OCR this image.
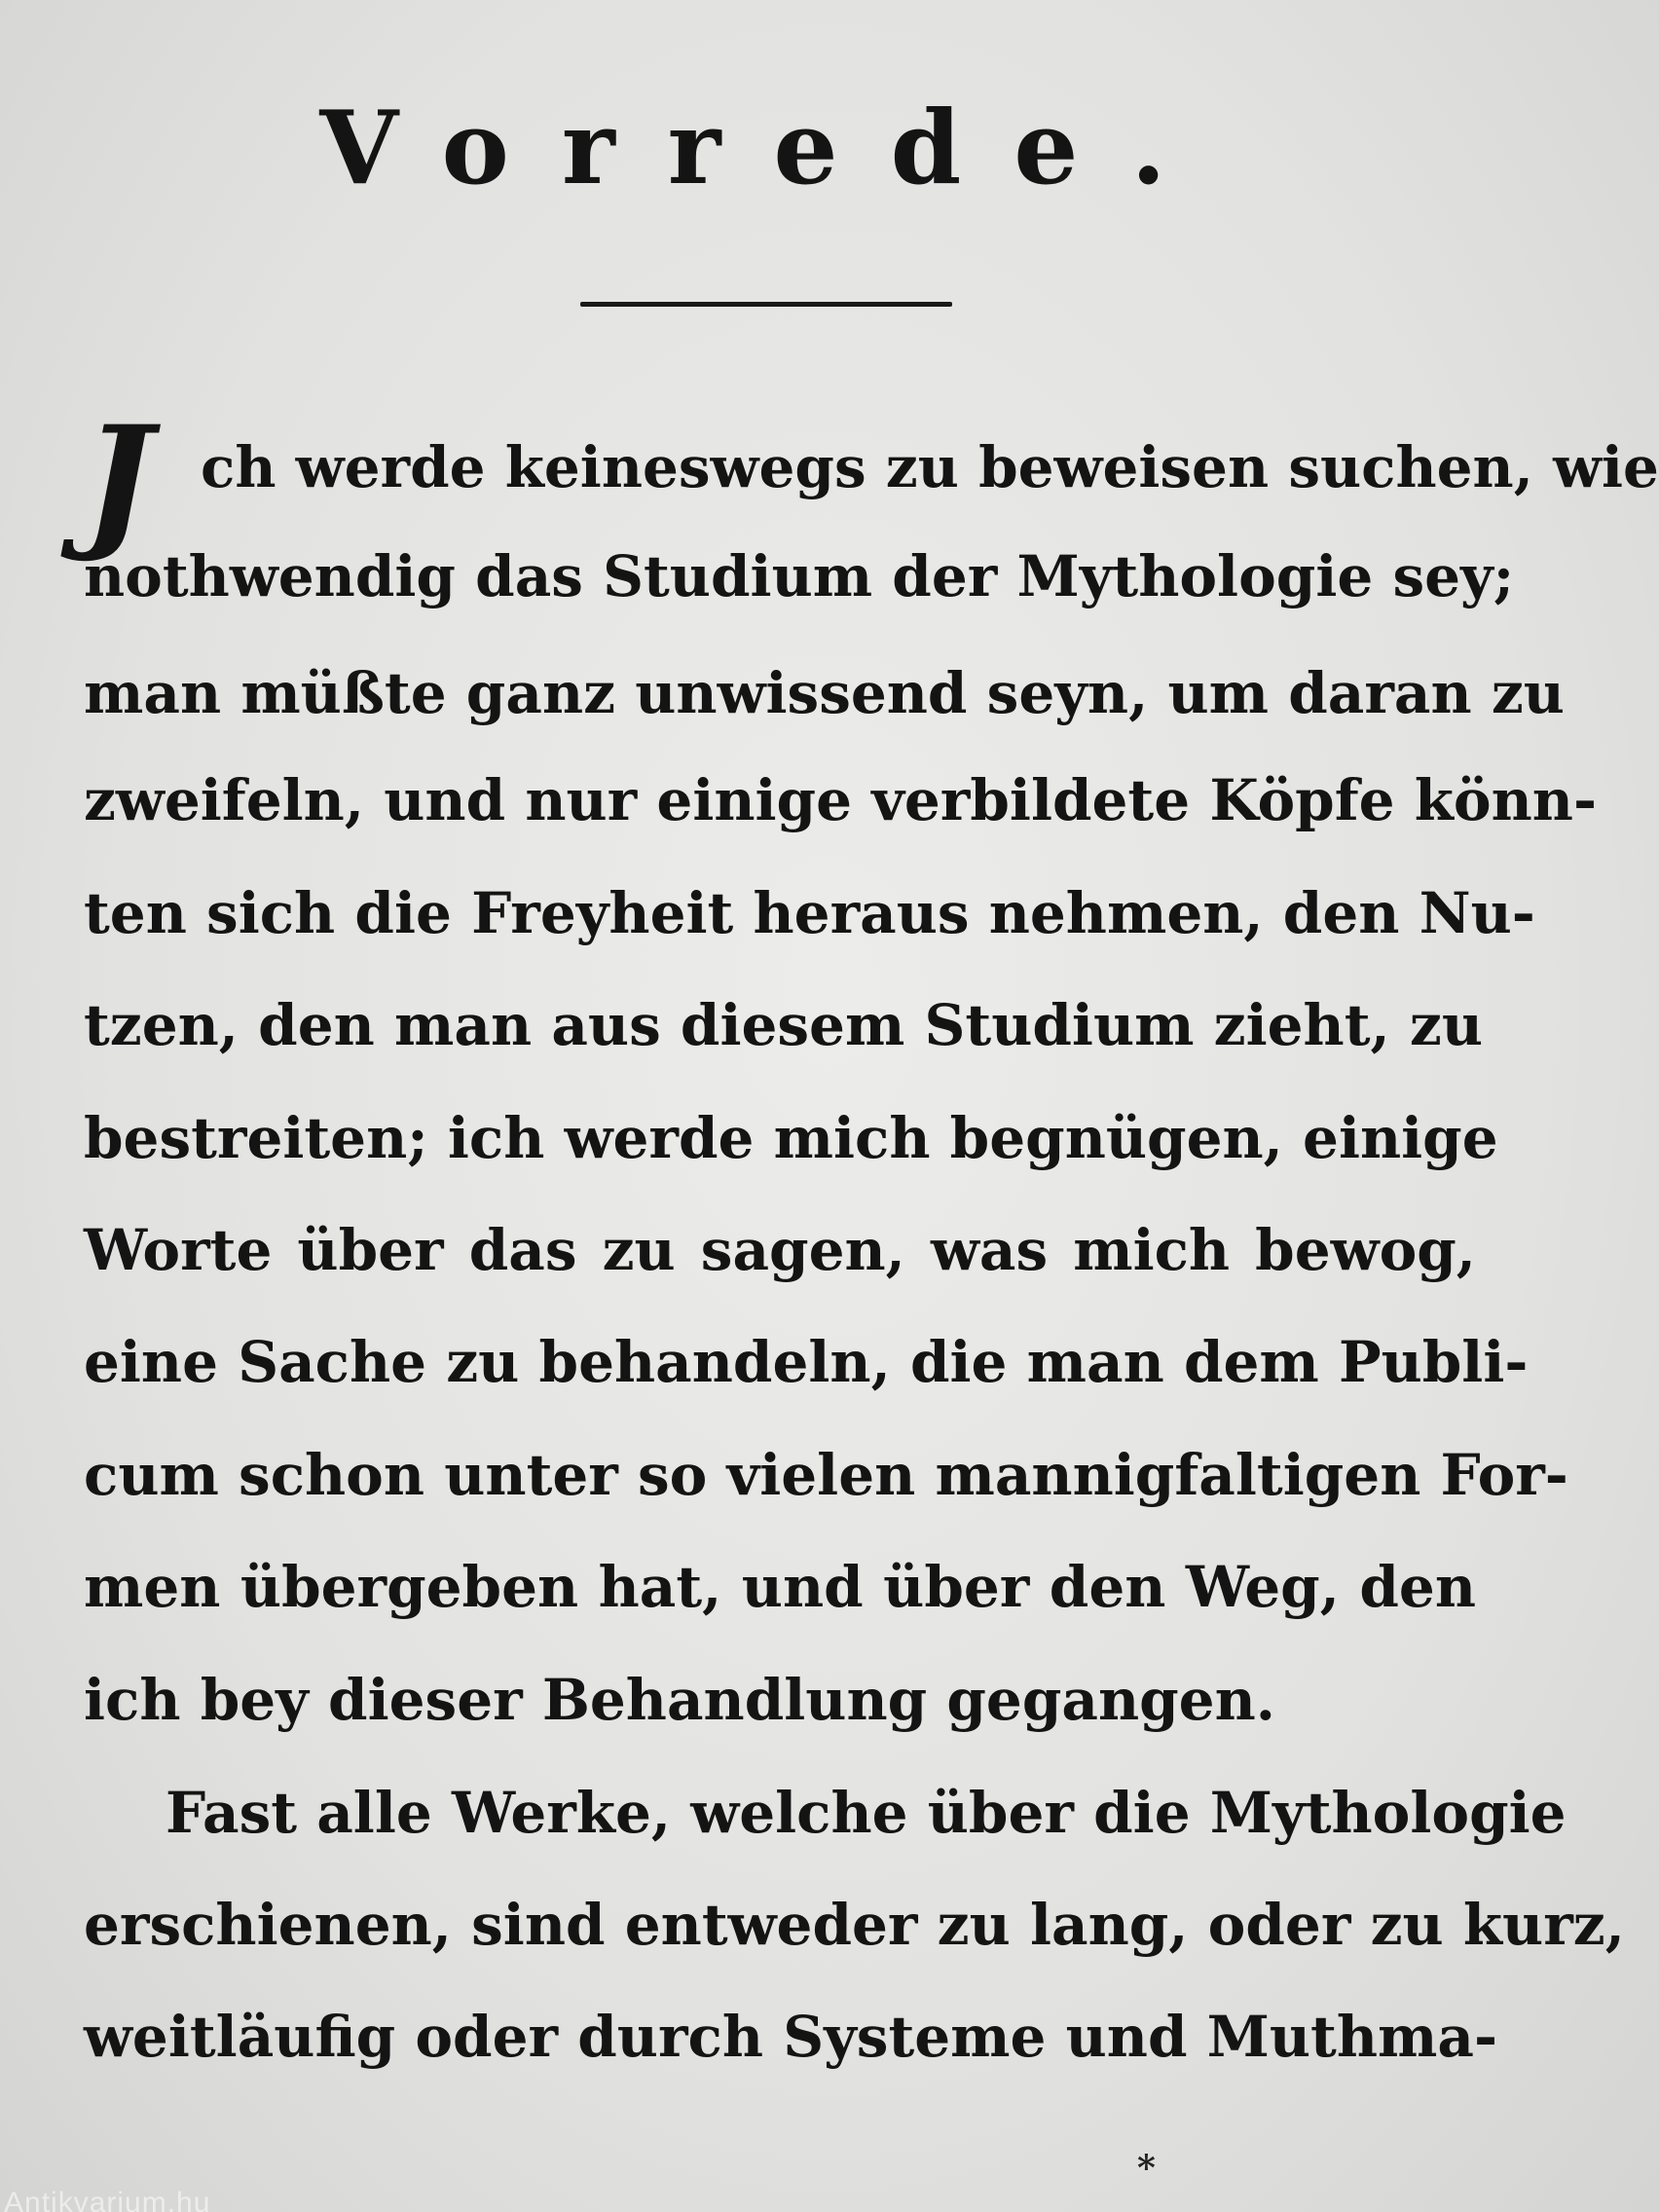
Vorrede.
J ch werde keineswegs zu beweisen suchen, wie
nothwendig das Studium der Mythologie sey;
man müßte ganz unwissend seyn, um daran zu
zweifeln, und nur einige verbildete Köpfe könn-
ten sich die Freyheit heraus nehmen, den Nu-
tzen, den man aus diesem Studium zieht, zu
bestreiten; ich werde mich begnügen, einige
Worte über das zu sagen, was mich bewog,
eine Sache zu behandeln, die man dem Publi-
cum schon unter so vielen mannigfaltigen For-
men übergeben hat, und über den Weg, den
ich bey dieser Behandlung gegangen.
Fast alle Werke, welche über die Mythologie
erschienen, sind entweder zu lang, oder zu kurz,
weitläufig oder durch Systeme und Muthma-
*
Antikvarium.hu
